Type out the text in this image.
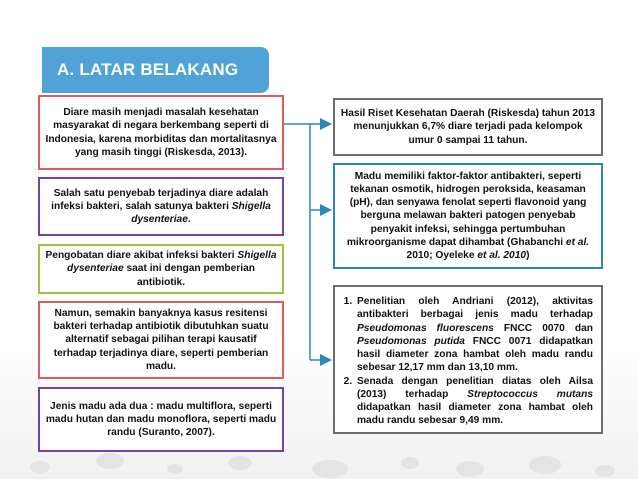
A. LATAR BELAKANG
Diare masih menjadi masalah kesehatan masyarakat di negara berkembang seperti di Indonesia, karena morbiditas dan mortalitasnya yang masih tinggi (Riskesda, 2013).
Salah satu penyebab terjadinya diare adalah infeksi bakteri, salah satunya bakteri Shigella dysenteriae.
Pengobatan diare akibat infeksi bakteri Shigella dysenteriae saat ini dengan pemberian antibiotik.
Namun, semakin banyaknya kasus resitensi bakteri terhadap antibiotik dibutuhkan suatu alternatif sebagai pilihan terapi kausatif terhadap terjadinya diare, seperti pemberian madu.
Jenis madu ada dua : madu multiflora, seperti madu hutan dan madu monoflora, seperti madu randu (Suranto, 2007).
Hasil Riset Kesehatan Daerah (Riskesda) tahun 2013 menunjukkan 6,7% diare terjadi pada kelompok umur 0 sampai 11 tahun.
Madu memiliki faktor-faktor antibakteri, seperti tekanan osmotik, hidrogen peroksida, keasaman (pH), dan senyawa fenolat seperti flavonoid yang berguna melawan bakteri patogen penyebab penyakit infeksi, sehingga pertumbuhan mikroorganisme dapat dihambat (Ghabanchi et al. 2010; Oyeleke et al. 2010)
1. Penelitian oleh Andriani (2012), aktivitas antibakteri berbagai jenis madu terhadap Pseudomonas fluorescens FNCC 0070 dan Pseudomonas putida FNCC 0071 didapatkan hasil diameter zona hambat oleh madu randu sebesar 12,17 mm dan 13,10 mm.
2. Senada dengan penelitian diatas oleh Ailsa (2013) terhadap Streptococcus mutans didapatkan hasil diameter zona hambat oleh madu randu sebesar 9,49 mm.
